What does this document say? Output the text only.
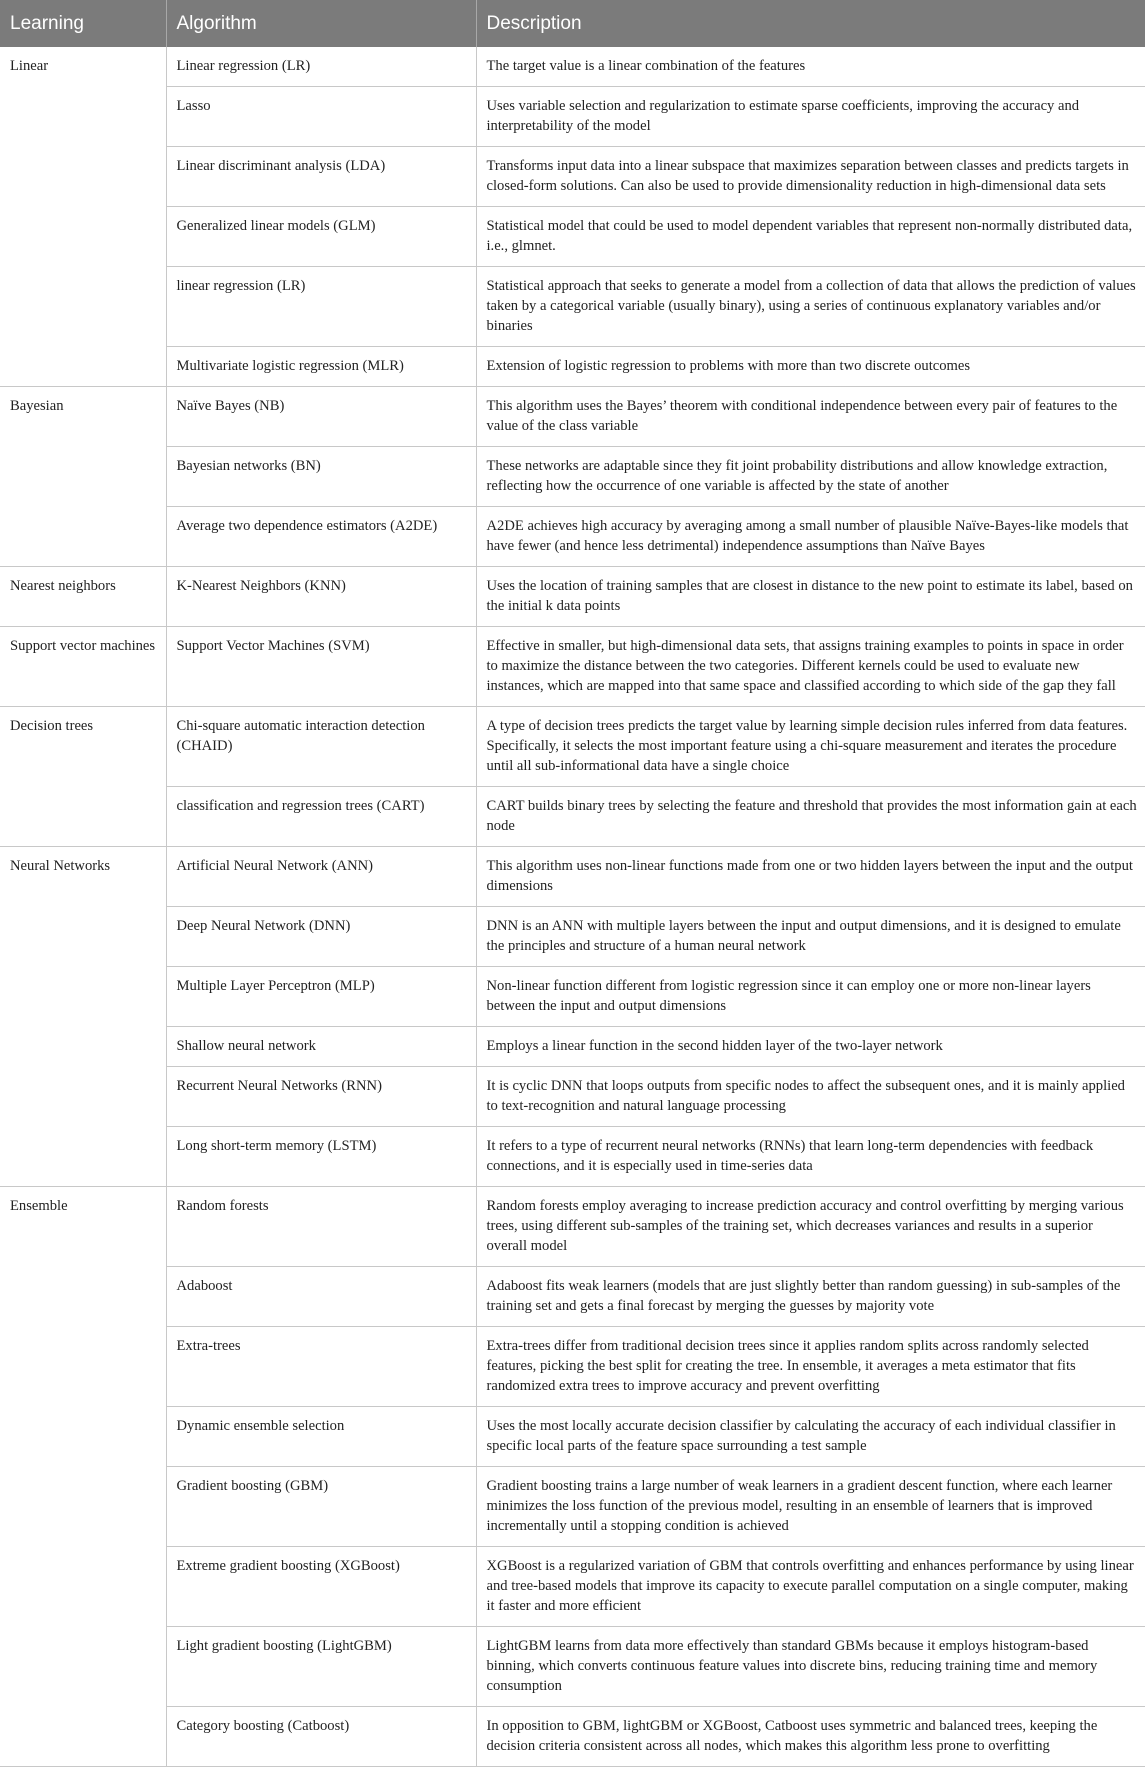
Learning	Algorithm	Description
Linear	Linear regression (LR)	The target value is a linear combination of the features
	Lasso	Uses variable selection and regularization to estimate sparse coefficients, improving the accuracy and interpretability of the model
	Linear discriminant analysis (LDA)	Transforms input data into a linear subspace that maximizes separation between classes and predicts targets in closed-form solutions. Can also be used to provide dimensionality reduction in high-dimensional data sets
	Generalized linear models (GLM)	Statistical model that could be used to model dependent variables that represent non-normally distributed data, i.e., glmnet.
	linear regression (LR)	Statistical approach that seeks to generate a model from a collection of data that allows the prediction of values taken by a categorical variable (usually binary), using a series of continuous explanatory variables and/or binaries
	Multivariate logistic regression (MLR)	Extension of logistic regression to problems with more than two discrete outcomes
Bayesian	Naïve Bayes (NB)	This algorithm uses the Bayes’ theorem with conditional independence between every pair of features to the value of the class variable
	Bayesian networks (BN)	These networks are adaptable since they fit joint probability distributions and allow knowledge extraction, reflecting how the occurrence of one variable is affected by the state of another
	Average two dependence estimators (A2DE)	A2DE achieves high accuracy by averaging among a small number of plausible Naïve-Bayes-like models that have fewer (and hence less detrimental) independence assumptions than Naïve Bayes
Nearest neighbors	K-Nearest Neighbors (KNN)	Uses the location of training samples that are closest in distance to the new point to estimate its label, based on the initial k data points
Support vector machines	Support Vector Machines (SVM)	Effective in smaller, but high-dimensional data sets, that assigns training examples to points in space in order to maximize the distance between the two categories. Different kernels could be used to evaluate new instances, which are mapped into that same space and classified according to which side of the gap they fall
Decision trees	Chi-square automatic interaction detection (CHAID)	A type of decision trees predicts the target value by learning simple decision rules inferred from data features. Specifically, it selects the most important feature using a chi-square measurement and iterates the procedure until all sub-informational data have a single choice
	classification and regression trees (CART)	CART builds binary trees by selecting the feature and threshold that provides the most information gain at each node
Neural Networks	Artificial Neural Network (ANN)	This algorithm uses non-linear functions made from one or two hidden layers between the input and the output dimensions
	Deep Neural Network (DNN)	DNN is an ANN with multiple layers between the input and output dimensions, and it is designed to emulate the principles and structure of a human neural network
	Multiple Layer Perceptron (MLP)	Non-linear function different from logistic regression since it can employ one or more non-linear layers between the input and output dimensions
	Shallow neural network	Employs a linear function in the second hidden layer of the two-layer network
	Recurrent Neural Networks (RNN)	It is cyclic DNN that loops outputs from specific nodes to affect the subsequent ones, and it is mainly applied to text-recognition and natural language processing
	Long short-term memory (LSTM)	It refers to a type of recurrent neural networks (RNNs) that learn long-term dependencies with feedback connections, and it is especially used in time-series data
Ensemble	Random forests	Random forests employ averaging to increase prediction accuracy and control overfitting by merging various trees, using different sub-samples of the training set, which decreases variances and results in a superior overall model
	Adaboost	Adaboost fits weak learners (models that are just slightly better than random guessing) in sub-samples of the training set and gets a final forecast by merging the guesses by majority vote
	Extra-trees	Extra-trees differ from traditional decision trees since it applies random splits across randomly selected features, picking the best split for creating the tree. In ensemble, it averages a meta estimator that fits randomized extra trees to improve accuracy and prevent overfitting
	Dynamic ensemble selection	Uses the most locally accurate decision classifier by calculating the accuracy of each individual classifier in specific local parts of the feature space surrounding a test sample
	Gradient boosting (GBM)	Gradient boosting trains a large number of weak learners in a gradient descent function, where each learner minimizes the loss function of the previous model, resulting in an ensemble of learners that is improved incrementally until a stopping condition is achieved
	Extreme gradient boosting (XGBoost)	XGBoost is a regularized variation of GBM that controls overfitting and enhances performance by using linear and tree-based models that improve its capacity to execute parallel computation on a single computer, making it faster and more efficient
	Light gradient boosting (LightGBM)	LightGBM learns from data more effectively than standard GBMs because it employs histogram-based binning, which converts continuous feature values into discrete bins, reducing training time and memory consumption
	Category boosting (Catboost)	In opposition to GBM, lightGBM or XGBoost, Catboost uses symmetric and balanced trees, keeping the decision criteria consistent across all nodes, which makes this algorithm less prone to overfitting
